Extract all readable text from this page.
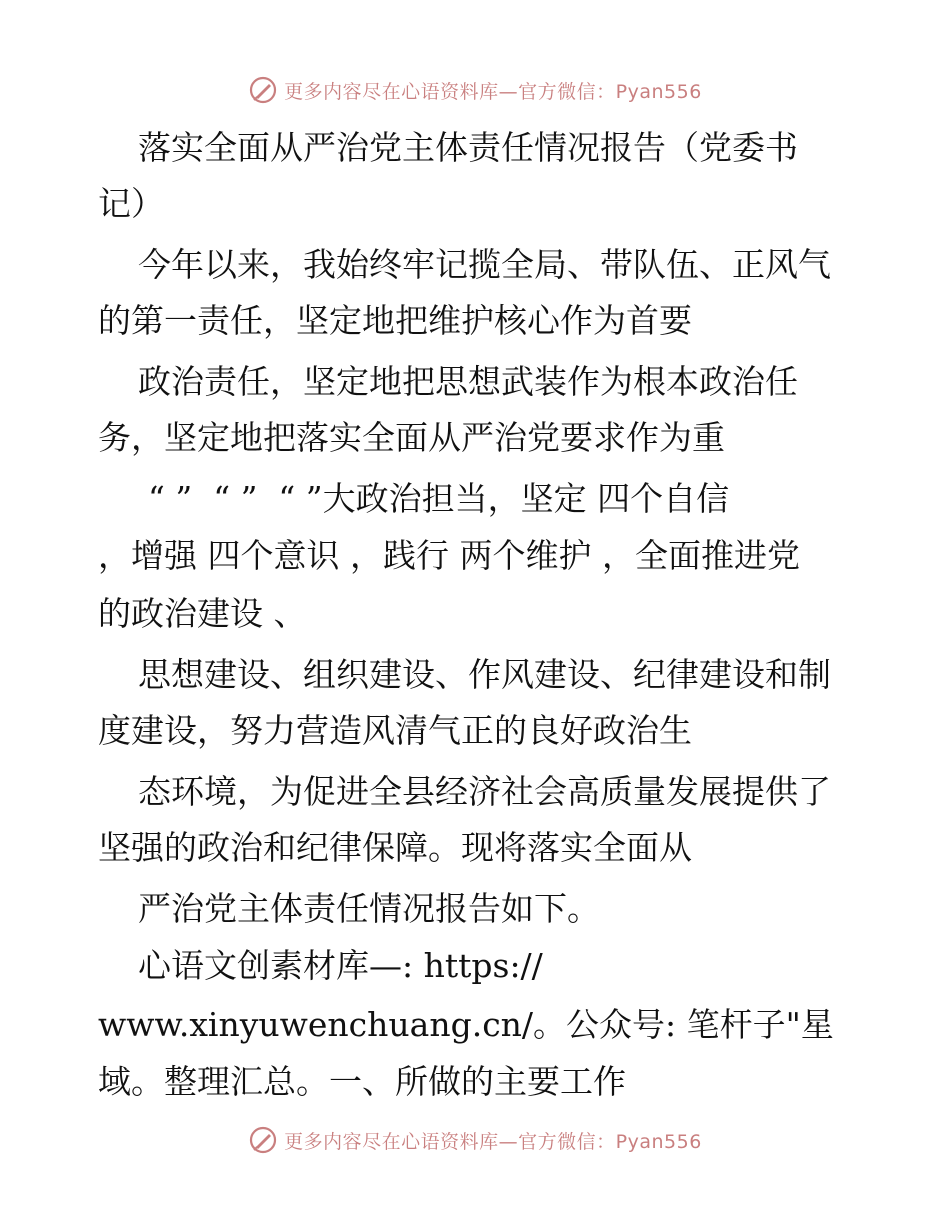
更多内容尽在心语资料库—官方微信：Pyan556
落实全面从严治党主体责任情况报告（党委书
记）
今年以来，我始终牢记揽全局、带队伍、正风气
的第一责任，坚定地把维护核心作为首要
政治责任，坚定地把思想武装作为根本政治任
务，坚定地把落实全面从严治党要求作为重
“ ”  “ ”  “ ”大政治担当，坚定 四个自信
，增强 四个意识 ，践行 两个维护 ，全面推进党
的政治建设 、
思想建设、组织建设、作风建设、纪律建设和制
度建设，努力营造风清气正的良好政治生
态环境，为促进全县经济社会高质量发展提供了
坚强的政治和纪律保障。现将落实全面从
严治党主体责任情况报告如下。
心语文创素材库—: https://
www.xinyuwenchuang.cn/。公众号: 笔杆子"星
域。整理汇总。一、所做的主要工作
更多内容尽在心语资料库—官方微信：Pyan556
